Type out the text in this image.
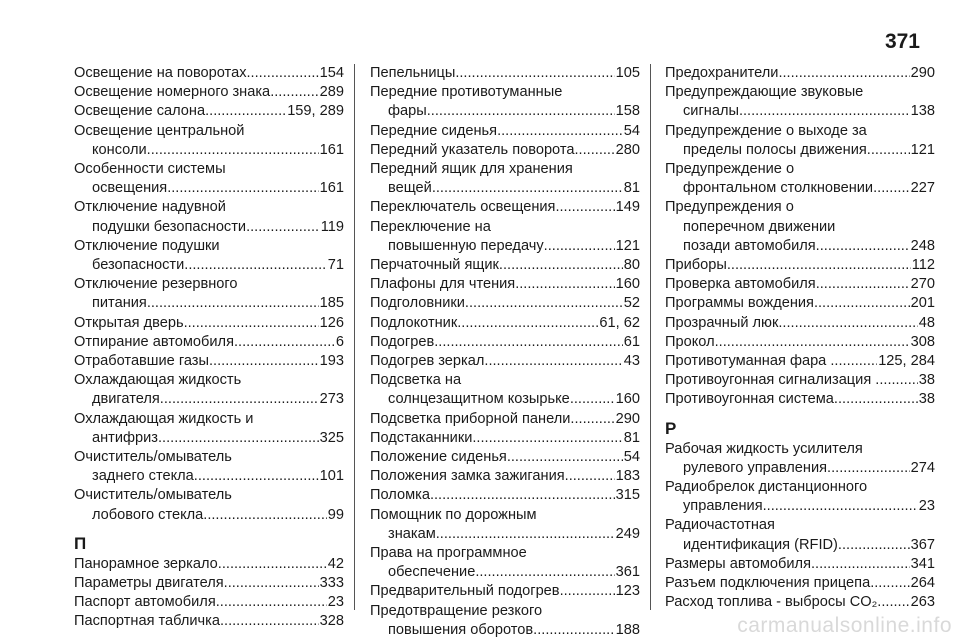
371
Освещение на поворотах .....	154
Освещение номерного знака .....	289
Освещение салона .....	159, 289
Освещение центральной
консоли .....	161
Особенности системы
освещения .....	161
Отключение надувной
подушки безопасности .....	119
Отключение подушки
безопасности .....	71
Отключение резервного
питания .....	185
Открытая дверь .....	126
Отпирание автомобиля .....	6
Отработавшие газы .....	193
Охлаждающая жидкость
двигателя .....	273
Охлаждающая жидкость и
антифриз .....	325
Очиститель/омыватель
заднего стекла .....	101
Очиститель/омыватель
лобового стекла .....	99
П
Панорамное зеркало .....	42
Параметры двигателя .....	333
Паспорт автомобиля .....	23
Паспортная табличка .....	328
Пепельницы .....	105
Передние противотуманные
фары .....	158
Передние сиденья .....	54
Передний указатель поворота .....	280
Передний ящик для хранения
вещей .....	81
Переключатель освещения .....	149
Переключение на
повышенную передачу .....	121
Перчаточный ящик .....	80
Плафоны для чтения .....	160
Подголовники .....	52
Подлокотник .....	61, 62
Подогрев .....	61
Подогрев зеркал .....	43
Подсветка на
солнцезащитном козырьке .....	160
Подсветка приборной панели .....	290
Подстаканники .....	81
Положение сиденья .....	54
Положения замка зажигания .....	183
Поломка .....	315
Помощник по дорожным
знакам .....	249
Права на программное
обеспечение .....	361
Предварительный подогрев .....	123
Предотвращение резкого
повышения оборотов .....	188
Предохранители .....	290
Предупреждающие звуковые
сигналы .....	138
Предупреждение о выходе за
пределы полосы движения .....	121
Предупреждение о
фронтальном столкновении. ..... 227
Предупреждения о
поперечном движении
позади автомобиля .....	248
Приборы .....	112
Проверка автомобиля .....	270
Программы вождения .....	201
Прозрачный люк .....	48
Прокол .....	308
Противотуманная фара ... ..... 125, 284
Противоугонная сигнализация . .....	38
Противоугонная система .....	38
Р
Рабочая жидкость усилителя
рулевого управления .....	274
Радиобрелок дистанционного
управления .....	23
Радиочастотная
идентификация (RFID) .....	367
Размеры автомобиля .....	341
Разъем подключения прицепа. ..... 264
Расход топлива - выбросы CO₂ ..... 263
carmanualsonline.info
